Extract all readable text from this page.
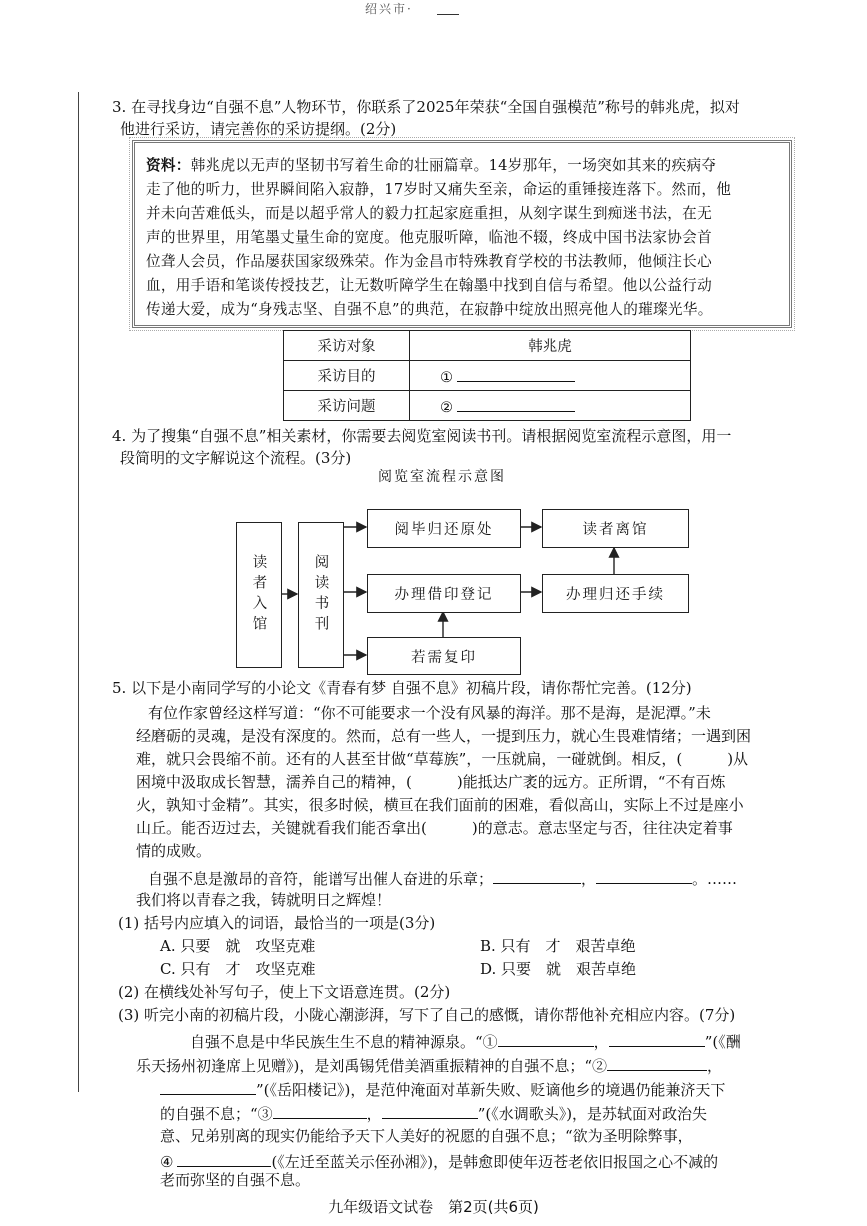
绍兴市·
3. 在寻找身边“自强不息”人物环节，你联系了2025年荣获“全国自强模范”称号的韩兆虎，拟对
他进行采访，请完善你的采访提纲。(2分)
资料：韩兆虎以无声的坚韧书写着生命的壮丽篇章。14岁那年，一场突如其来的疾病夺
走了他的听力，世界瞬间陷入寂静，17岁时又痛失至亲，命运的重锤接连落下。然而，他
并未向苦难低头，而是以超乎常人的毅力扛起家庭重担，从刻字谋生到痴迷书法，在无
声的世界里，用笔墨丈量生命的宽度。他克服听障，临池不辍，终成中国书法家协会首
位聋人会员，作品屡获国家级殊荣。作为金昌市特殊教育学校的书法教师，他倾注长心
血，用手语和笔谈传授技艺，让无数听障学生在翰墨中找到自信与希望。他以公益行动
传递大爱，成为“身残志坚、自强不息”的典范，在寂静中绽放出照亮他人的璀璨光华。
采访对象	韩兆虎
采访目的	①
采访问题	②
4. 为了搜集“自强不息”相关素材，你需要去阅览室阅读书刊。请根据阅览室流程示意图，用一
段简明的文字解说这个流程。(3分)
阅览室流程示意图
读者入馆	阅读书刊
阅毕归还原处	读者离馆
办理借印登记	办理归还手续
若需复印
5. 以下是小南同学写的小论文《青春有梦 自强不息》初稿片段，请你帮忙完善。(12分)
有位作家曾经这样写道：“你不可能要求一个没有风暴的海洋。那不是海，是泥潭。”未
经磨砺的灵魂，是没有深度的。然而，总有一些人，一提到压力，就心生畏难情绪；一遇到困
难，就只会畏缩不前。还有的人甚至甘做“草莓族”，一压就扁，一碰就倒。相反，(　　　)从
困境中汲取成长智慧，濡养自己的精神，(　　　)能抵达广袤的远方。正所谓，“不有百炼
火，孰知寸金精”。其实，很多时候，横亘在我们面前的困难，看似高山，实际上不过是座小
山丘。能否迈过去，关键就看我们能否拿出(　　　)的意志。意志坚定与否，往往决定着事
情的成败。
自强不息是激昂的音符，能谱写出催人奋进的乐章；	，	。……
我们将以青春之我，铸就明日之辉煌！
(1) 括号内应填入的词语，最恰当的一项是(3分)
A. 只要　就　攻坚克难	B. 只有　才　艰苦卓绝
C. 只有　才　攻坚克难	D. 只要　就　艰苦卓绝
(2) 在横线处补写句子，使上下文语意连贯。(2分)
(3) 听完小南的初稿片段，小陇心潮澎湃，写下了自己的感慨，请你帮他补充相应内容。(7分)
自强不息是中华民族生生不息的精神源泉。“①	，	”(《酬
乐天扬州初逢席上见赠》)，是刘禹锡凭借美酒重振精神的自强不息；“②	，
”(《岳阳楼记》)，是范仲淹面对革新失败、贬谪他乡的境遇仍能兼济天下
的自强不息；“③	，	”(《水调歌头》)，是苏轼面对政治失
意、兄弟别离的现实仍能给予天下人美好的祝愿的自强不息；“欲为圣明除弊事，
④	(《左迁至蓝关示侄孙湘》)，是韩愈即使年迈苍老依旧报国之心不减的
老而弥坚的自强不息。
九年级语文试卷　第2页(共6页)
